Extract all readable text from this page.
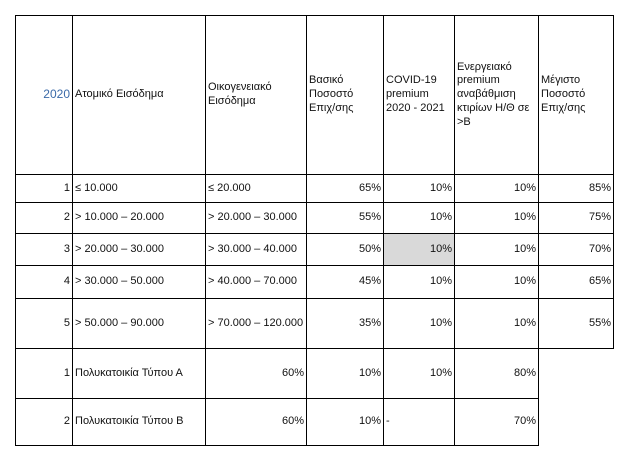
2020	Ατομικό Εισόδημα	Οικογενειακό Εισόδημα	Βασικό Ποσοστό Επιχ/σης	COVID-19 premium 2020 - 2021	Ενεργειακό premium αναβάθμιση κτιρίων Η/Θ σε >B	Μέγιστο Ποσοστό Επιχ/σης
1	≤ 10.000	≤ 20.000	65%	10%	10%	85%
2	> 10.000 – 20.000	> 20.000 – 30.000	55%	10%	10%	75%
3	> 20.000 – 30.000	> 30.000 – 40.000	50%	10%	10%	70%
4	> 30.000 – 50.000	> 40.000 – 70.000	45%	10%	10%	65%
5	> 50.000 – 90.000	> 70.000 – 120.000	35%	10%	10%	55%
1	Πολυκατοικία Τύπου Α	60%	10%	10%	80%	
2	Πολυκατοικία Τύπου Β	60%	10%	-	70%	
